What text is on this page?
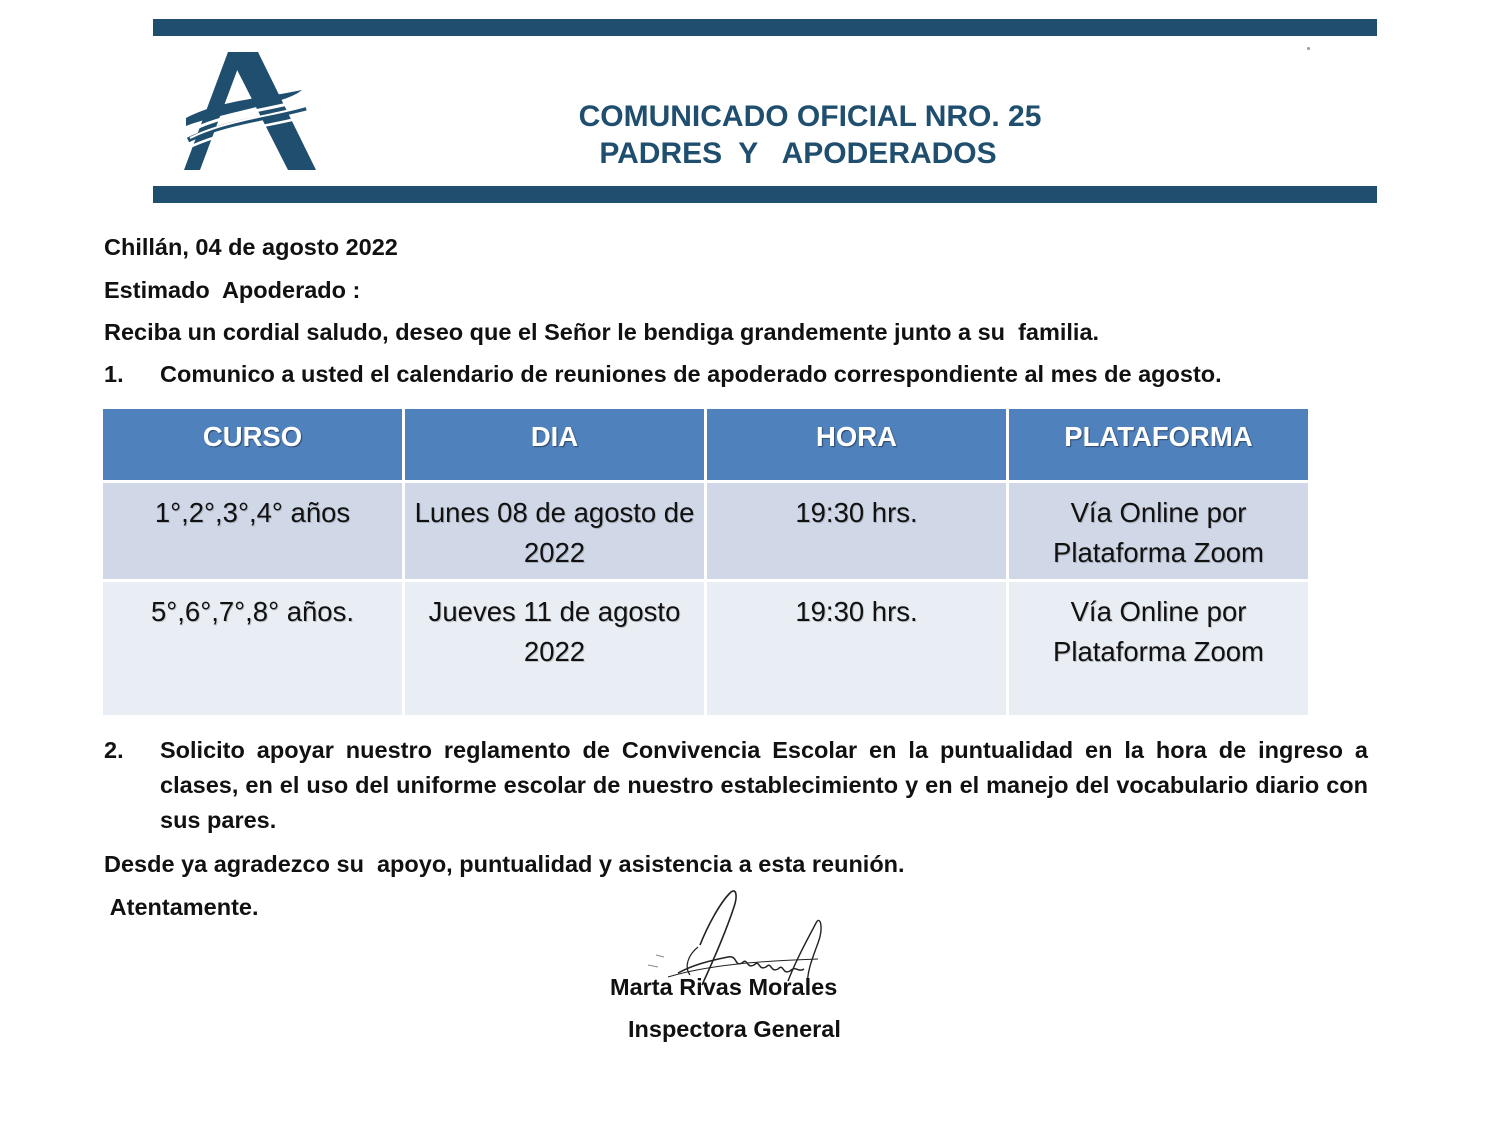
COMUNICADO OFICIAL NRO. 25
PADRES  Y   APODERADOS
Chillán, 04 de agosto 2022
Estimado  Apoderado :
Reciba un cordial saludo, deseo que el Señor le bendiga grandemente junto a su  familia.
1. Comunico a usted el calendario de reuniones de apoderado correspondiente al mes de agosto.
CURSO	DIA	HORA	PLATAFORMA
1°,2°,3°,4° años	Lunes 08 de agosto de 2022	19:30 hrs.	Vía Online por Plataforma Zoom
5°,6°,7°,8° años.	Jueves 11 de agosto 2022	19:30 hrs.	Vía Online por Plataforma Zoom
2. Solicito apoyar nuestro reglamento de Convivencia Escolar en la puntualidad en la hora de ingreso a clases, en el uso del uniforme escolar de nuestro establecimiento y en el manejo del vocabulario diario con sus pares.
Desde ya agradezco su  apoyo, puntualidad y asistencia a esta reunión.
Atentamente.
Marta Rivas Morales
Inspectora General
